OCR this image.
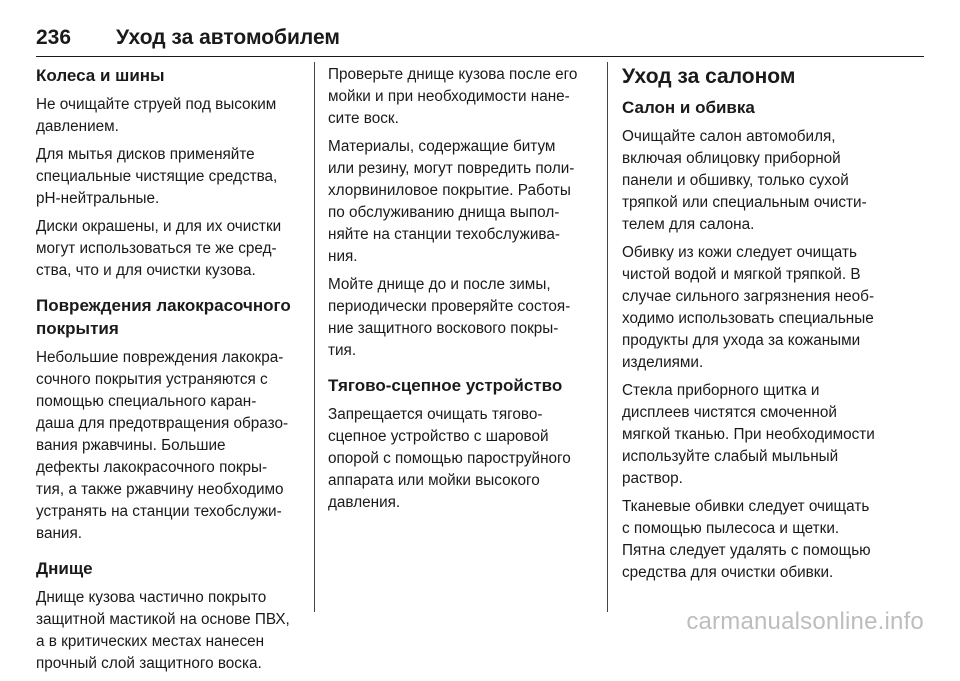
236 Уход за автомобилем
Колеса и шины

Не очищайте струей под высоким
давлением.

Для мытья дисков применяйте
специальные чистящие средства,
рН-нейтральные.

Диски окрашены, и для их очистки
могут использоваться те же сред-
ства, что и для очистки кузова.

Повреждения лакокрасочного
покрытия

Небольшие повреждения лакокра-
сочного покрытия устраняются с
помощью специального каран-
даша для предотвращения образо-
вания ржавчины. Большие
дефекты лакокрасочного покры-
тия, а также ржавчину необходимо
устранять на станции техобслужи-
вания.

Днище

Днище кузова частично покрыто
защитной мастикой на основе ПВХ,
а в критических местах нанесен
прочный слой защитного воска.

Проверьте днище кузова после его
мойки и при необходимости нане-
сите воск.

Материалы, содержащие битум
или резину, могут повредить поли-
хлорвиниловое покрытие. Работы
по обслуживанию днища выпол-
няйте на станции техобслужива-
ния.

Мойте днище до и после зимы,
периодически проверяйте состоя-
ние защитного воскового покры-
тия.

Тягово-сцепное устройство

Запрещается очищать тягово-
сцепное устройство с шаровой
опорой с помощью пароструйного
аппарата или мойки высокого
давления.

Уход за салоном
Салон и обивка

Очищайте салон автомобиля,
включая облицовку приборной
панели и обшивку, только сухой
тряпкой или специальным очисти-
телем для салона.

Обивку из кожи следует очищать
чистой водой и мягкой тряпкой. В
случае сильного загрязнения необ-
ходимо использовать специальные
продукты для ухода за кожаными
изделиями.

Стекла приборного щитка и
дисплеев чистятся смоченной
мягкой тканью. При необходимости
используйте слабый мыльный
раствор.

Тканевые обивки следует очищать
с помощью пылесоса и щетки.
Пятна следует удалять с помощью
средства для очистки обивки.

carmanualsonline.info
